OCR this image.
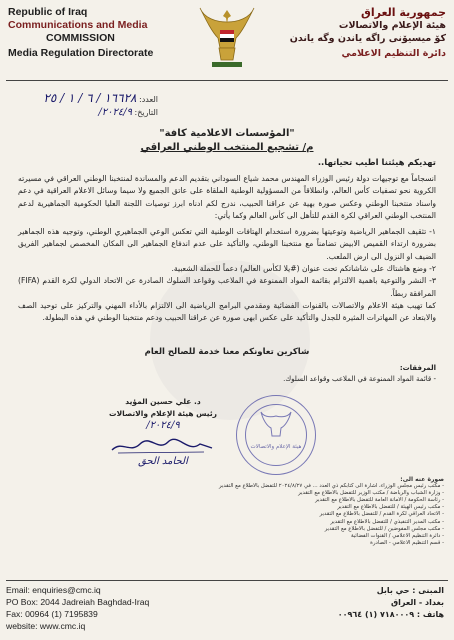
Republic of Iraq
Communications and Media
COMMISSION
Media Regulation Directorate
جمهورية العراق
هيئة الإعلام والاتصالات
كۆ ميسيۆنى راگه ياندن وگه ياندن
دائرة التنظيم الاعلامي
العدد: ١٦٦٢٨ / ٦ / ١ / ٢٥
التاريخ: ٢٠٢٤/٩/
"المؤسسات الاعلامية كافة"
م/ تشجيع المنتخب الوطني العراقي
تهديكم هيئتنا اطيب تحياتها..

انسجاماً مع توجيهات دولة رئيس الوزراء المهندس محمد شياع السوداني بتقديم الدعم والمساندة لمنتخبنا الوطني العراقي في مسيرته الكروية نحو تصفيات كأس العالم، وانطلاقاً من المسؤولية الوطنية الملقاة على عاتق الجميع ولا سيما وسائل الاعلام العراقية في دعم واسناد منتخبنا الوطني وعكس صورة بهية عن عراقنا الحبيب، ندرج لكم ادناه ابرز توصيات اللجنة العليا الحكومية الجماهيرية لدعم المنتخب الوطني العراقي لكرة القدم للتأهل الى كأس العالم وكما يأتي:

١- تثقيف الجماهير الرياضية وتوعيتها بضرورة استخدام الهتافات الوطنية التي تعكس الوعي الجماهيري الوطني، وتوجيه هذه الجماهير بضرورة ارتداء القميص الابيض تضامناً مع منتخبنا الوطني، والتأكيد على عدم اندفاع الجماهير الى المكان المخصص لجماهير الفريق الضيف او النزول الى ارض الملعب.

٢- وضع هاشتاك على شاشاتكم تحت عنوان (#يلا لكأس العالم) دعماً للحملة الشعبية.

٣- النشر والتوعية باهمية الالتزام بقائمة المواد الممنوعة في الملاعب وقواعد السلوك الصادرة عن الاتحاد الدولي لكرة القدم (FIFA) المرافقة ربطاً.

كما تهيب هيئة الاعلام والاتصالات بالقنوات الفضائية ومقدمي البرامج الرياضية الى الالتزام بالأداء المهني والتركيز على توحيد الصف والابتعاد عن المهاترات المثيرة للجدل والتأكيد على عكس ابهى صورة عن عراقنا الحبيب ودعم منتخبنا الوطني في هذه البطولة.

شاكرين تعاونكم معنا خدمة للصالح العام
المرفقات:
- قائمة المواد الممنوعة في الملاعب وقواعد السلوك.
د. علي حسين المؤيد
رئيس هيئة الإعلام والاتصالات
٢٠٢٤/٩/
الحامد الحق
هيئة الإعلام والاتصالات
صورة عنه الى:
- مكتب رئيس مجلس الوزراء، اشارة الى كتابكم ذي العدد ... في ٢٠٢٤/٨/٢٧ للتفضل بالاطلاع مع التقدير
- وزارة الشباب والرياضة / مكتب الوزير للتفضل بالاطلاع مع التقدير
- رئاسة الحكومة / الامانة العامة للتفضل بالاطلاع مع التقدير
- مكتب رئيس الهيئة / للتفضل بالاطلاع مع التقدير
- الاتحاد العراقي لكرة القدم / للتفضل بالاطلاع مع التقدير
- مكتب المدير التنفيذي / للتفضل بالاطلاع مع التقدير
- مكتب مجلس المفوضين / للتفضل بالاطلاع مع التقدير
- دائرة التنظيم الاعلامي / القنوات الفضائية
- قسم التنظيم الاعلامي - الصادرة
Email: enquiries@cmc.iq
PO Box: 2044 Jadreiah Baghdad-Iraq
Fax: 00964 (1) 7195839
website: www.cmc.iq
المبنى : حي بابل
بغداد - العراق
هاتف : ٧١٨٠٠٠٩ (١) ٠٠٩٦٤
